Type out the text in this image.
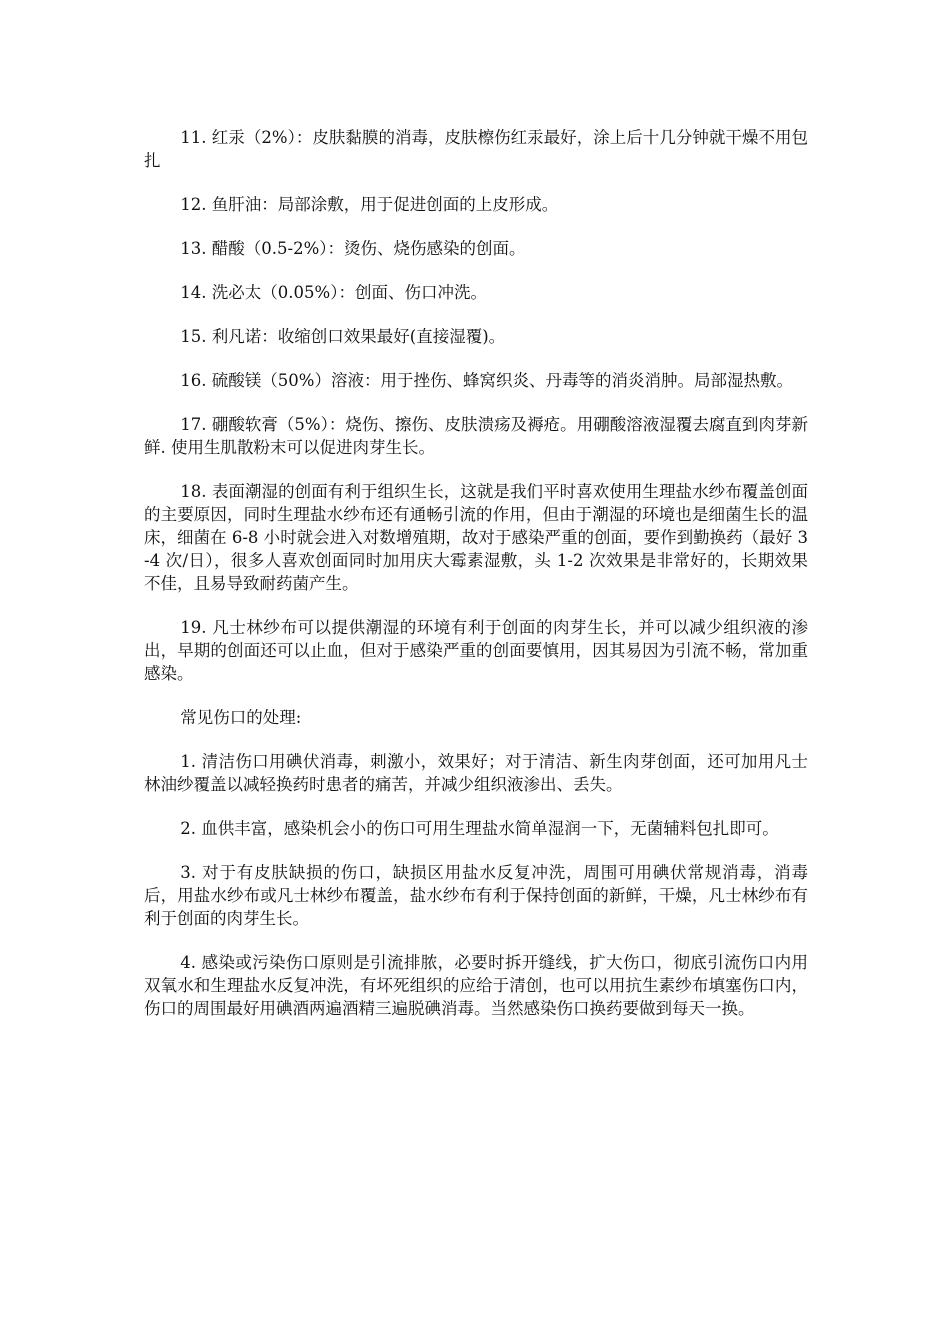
11. 红汞（2%）：皮肤黏膜的消毒，皮肤檫伤红汞最好，涂上后十几分钟就干燥不用包扎

12. 鱼肝油：局部涂敷，用于促进创面的上皮形成。

13. 醋酸（0.5-2%）：烫伤、烧伤感染的创面。

14. 洗必太（0.05%）：创面、伤口冲洗。

15. 利凡诺：收缩创口效果最好(直接湿覆)。

16. 硫酸镁（50%）溶液：用于挫伤、蜂窝织炎、丹毒等的消炎消肿。局部湿热敷。

17. 硼酸软膏（5%）：烧伤、擦伤、皮肤溃疡及褥疮。用硼酸溶液湿覆去腐直到肉芽新鲜. 使用生肌散粉末可以促进肉芽生长。

18. 表面潮湿的创面有利于组织生长，这就是我们平时喜欢使用生理盐水纱布覆盖创面的主要原因，同时生理盐水纱布还有通畅引流的作用，但由于潮湿的环境也是细菌生长的温床，细菌在 6-8 小时就会进入对数增殖期，故对于感染严重的创面，要作到勤换药（最好 3-4 次/日），很多人喜欢创面同时加用庆大霉素湿敷，头 1-2 次效果是非常好的，长期效果不佳，且易导致耐药菌产生。

19. 凡士林纱布可以提供潮湿的环境有利于创面的肉芽生长，并可以减少组织液的渗出，早期的创面还可以止血，但对于感染严重的创面要慎用，因其易因为引流不畅，常加重感染。

常见伤口的处理:

1. 清洁伤口用碘伏消毒，刺激小，效果好；对于清洁、新生肉芽创面，还可加用凡士林油纱覆盖以减轻换药时患者的痛苦，并减少组织液渗出、丢失。

2. 血供丰富，感染机会小的伤口可用生理盐水简单湿润一下，无菌辅料包扎即可。

3. 对于有皮肤缺损的伤口，缺损区用盐水反复冲洗，周围可用碘伏常规消毒，消毒后，用盐水纱布或凡士林纱布覆盖，盐水纱布有利于保持创面的新鲜，干燥，凡士林纱布有利于创面的肉芽生长。

4. 感染或污染伤口原则是引流排脓，必要时拆开缝线，扩大伤口，彻底引流伤口内用双氧水和生理盐水反复冲洗，有坏死组织的应给于清创，也可以用抗生素纱布填塞伤口内，伤口的周围最好用碘酒两遍酒精三遍脱碘消毒。当然感染伤口换药要做到每天一换。
